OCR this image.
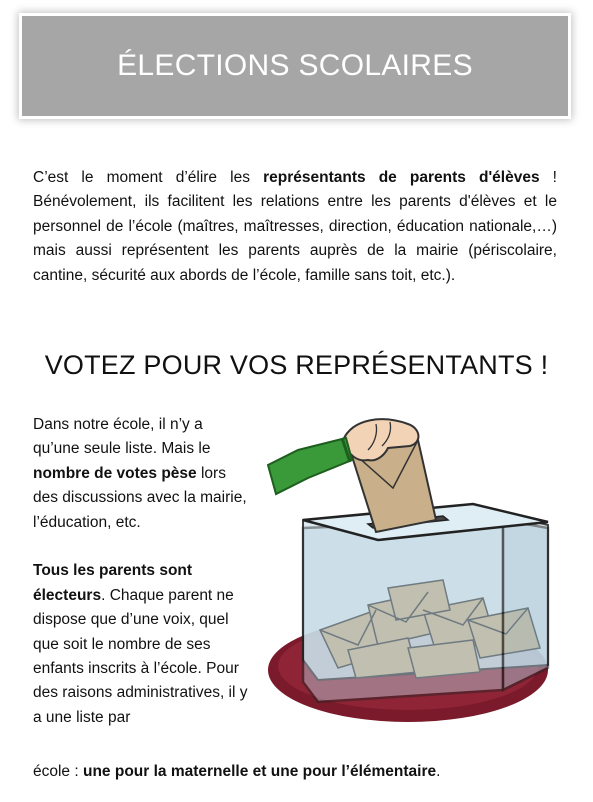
ÉLECTIONS SCOLAIRES

C’est le moment d’élire les représentants de parents d'élèves ! Bénévolement, ils facilitent les relations entre les parents d'élèves et le personnel de l’école (maîtres, maîtresses, direction, éducation nationale,…) mais aussi représentent les parents auprès de la mairie (périscolaire, cantine, sécurité aux abords de l’école, famille sans toit, etc.).

VOTEZ POUR VOS REPRÉSENTANTS !

Dans notre école, il n’y a qu’une seule liste. Mais le nombre de votes pèse lors des discussions avec la mairie, l’éducation, etc.

Tous les parents sont électeurs. Chaque parent ne dispose que d’une voix, quel que soit le nombre de ses enfants inscrits à l’école. Pour des raisons administratives, il y a une liste par

école : une pour la maternelle et une pour l’élémentaire.
